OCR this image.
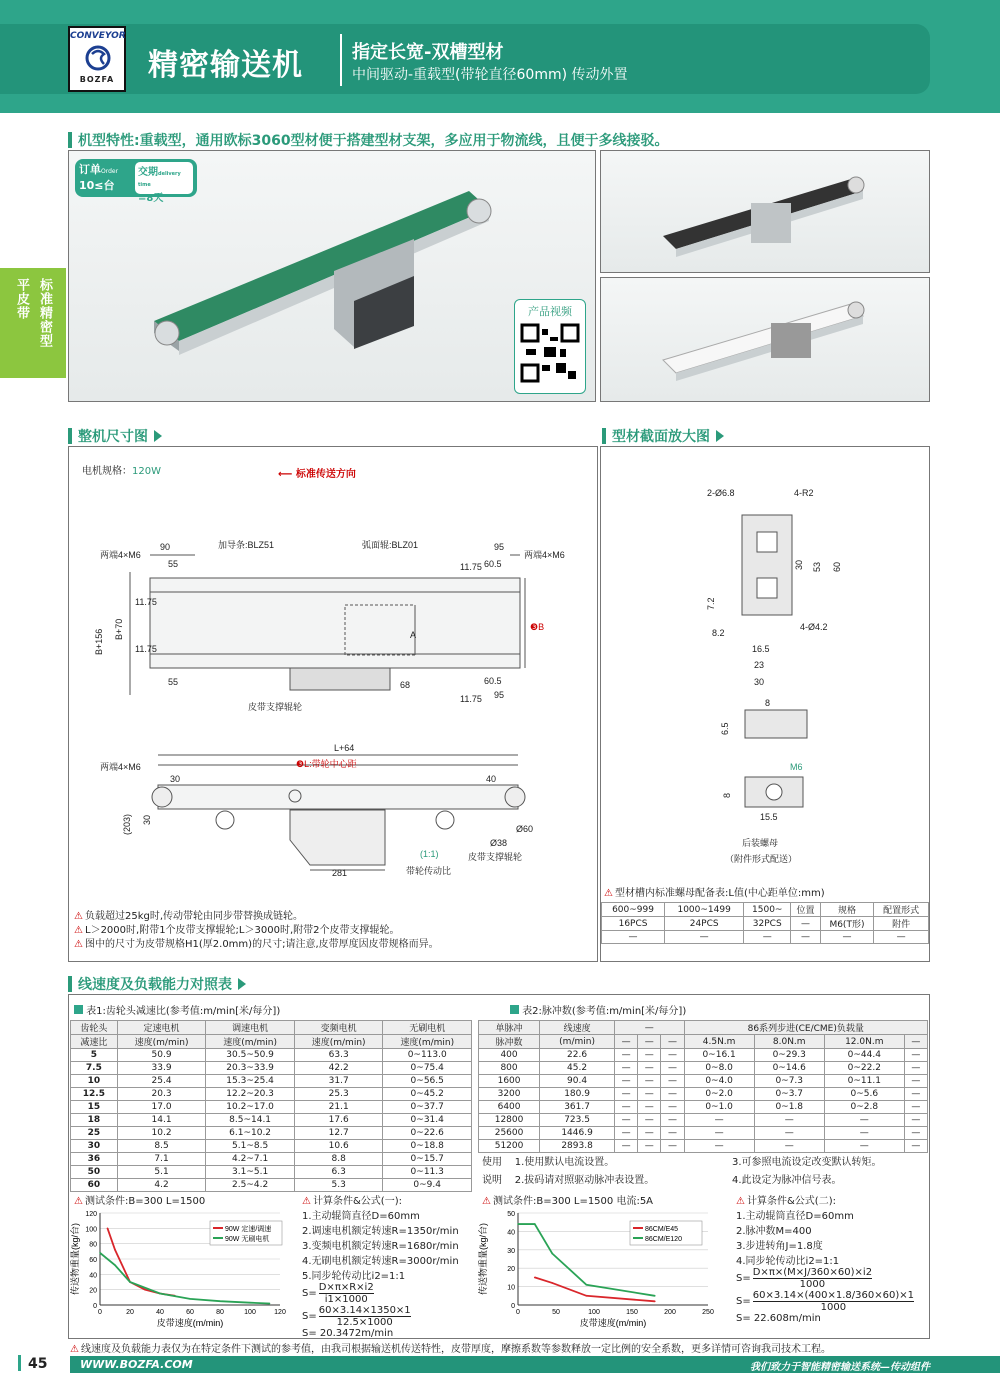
CONVEYOR
BOZFA	精密输送机	指定长宽-双槽型材
中间驱动-重载型(带轮直径60mm) 传动外置
平皮带 标准精密型
机型特性:重载型，通用欧标3060型材便于搭建型材支架，多应用于物流线，且便于多线接驳。
订单Order
10≤台
交期delivery time
=8天
产品视频
整机尺寸图
电机规格：120W	⟵ 标准传送方向
加导条:BLZ51	弧面辊:BLZ01
两端4×M6	两端4×M6
90
55
95
60.5
11.75
B+156 B+70	A
❸B
68
55	60.5
95
11.75
11.75
11.75
皮带支撑辊轮
L+64
❸L:带轮中心距
两端4×M6
30	40
(203) 30
Ø60
Ø38
(1:1)	皮带支撑辊轮
281	带轮传动比
⚠ 负载超过25kg时,传动带轮由同步带替换成链轮。
⚠ L＞2000时,附带1个皮带支撑辊轮;L＞3000时,附带2个皮带支撑辊轮。
⚠ 图中的尺寸为皮带规格H1(厚2.0mm)的尺寸;请注意,皮带厚度因皮带规格而异。
型材截面放大图
2-Ø6.8	4-R2
30 53 60
7.2
8.2
4-Ø4.2
16.5
23
30
8
6.5
M6
8
15.5
后装螺母
（附件形式配送）
⚠ 型材槽内标准螺母配备表:L值(中心距单位:mm)
600~999	1000~1499	1500~	位置	规格	配置形式
16PCS	24PCS	32PCS	—	M6(T形)	附件
—	—	—	—	—	—
线速度及负载能力对照表
表1:齿轮头减速比(参考值:m/min[米/每分])	表2:脉冲数(参考值:m/min[米/每分])
齿轮头	定速电机	调速电机	变频电机	无刷电机
减速比	速度(m/min)	速度(m/min)	速度(m/min)	速度(m/min)
5	50.9	30.5~50.9	63.3	0~113.0
7.5	33.9	20.3~33.9	42.2	0~75.4
10	25.4	15.3~25.4	31.7	0~56.5
12.5	20.3	12.2~20.3	25.3	0~45.2
15	17.0	10.2~17.0	21.1	0~37.7
18	14.1	8.5~14.1	17.6	0~31.4
25	10.2	6.1~10.2	12.7	0~22.6
30	8.5	5.1~8.5	10.6	0~18.8
36	7.1	4.2~7.1	8.8	0~15.7
50	5.1	3.1~5.1	6.3	0~11.3
60	4.2	2.5~4.2	5.3	0~9.4
单脉冲	线速度	—			86系列步进(CE/CME)负载量			
脉冲数	(m/min)	—	—	—	4.5N.m	8.0N.m	12.0N.m	—
400	22.6	—	—	—	0~16.1	0~29.3	0~44.4	—
800	45.2	—	—	—	0~8.0	0~14.6	0~22.2	—
1600	90.4	—	—	—	0~4.0	0~7.3	0~11.1	—
3200	180.9	—	—	—	0~2.0	0~3.7	0~5.6	—
6400	361.7	—	—	—	0~1.0	0~1.8	0~2.8	—
12800	723.5	—	—	—	—	—	—	—
25600	1446.9	—	—	—	—	—	—	—
51200	2893.8	—	—	—	—	—	—	—
使用 1.使用默认电流设置。	3.可参照电流设定改变默认转矩。
说明 2.拔码请对照驱动脉冲表设置。	4.此设定为脉冲信号表。
⚠ 测试条件:B=300 L=1500
0
20
40
60
80
100
120
0	20	40	60	80	100	120
皮带速度(m/min)
传送物重量(kg/台)	90W 定速/调速
90W 无刷电机
⚠ 计算条件&公式(一):
1.主动辊筒直径D=60mm
2.调速电机额定转速R=1350r/min
3.变频电机额定转速R=1680r/min
4.无刷电机额定转速R=3000r/min
5.同步轮传动比i2=1:1
$S= \frac{D\times\pi\times R\times i2}{i1\times 1000}$
$S= \frac{60\times 3.14\times 1350\times 1}{12.5\times 1000}$
S= 20.3472m/min
⚠ 测试条件:B=300 L=1500 电流:5A
0
10
20
30
40
50
0	50	100	150	200	250
皮带速度(m/min)
传送物重量(kg/台)	86CM/E45
86CM/E120
⚠ 计算条件&公式(二):
1.主动辊筒直径D=60mm
2.脉冲数M=400
3.步进转角J=1.8度
4.同步轮传动比i2=1:1
$S= \frac{D\times\pi\times(M\times J/360\times 60)\times i2}{1000}$
$S= \frac{60\times 3.14\times(400\times 1.8/360\times 60)\times 1}{1000}$
S= 22.608m/min
⚠ 线速度及负载能力表仅为在特定条件下测试的参考值，由我司根据输送机传送特性，皮带厚度，摩擦系数等参数释放一定比例的安全系数，更多详情可咨询我司技术工程。
45	WWW.BOZFA.COM	我们致力于智能精密输送系统—传动组件
